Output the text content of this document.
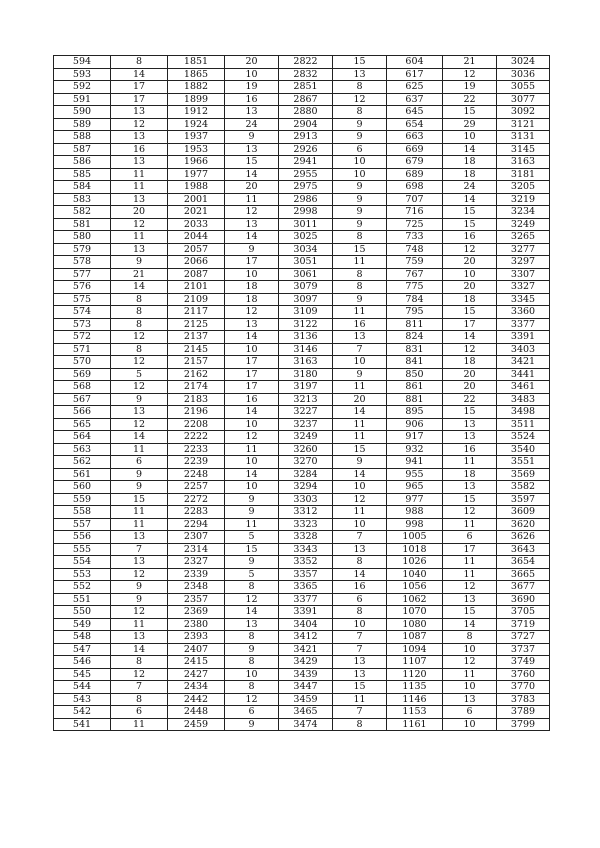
594	8	1851	20	2822	15	604	21	3024
593	14	1865	10	2832	13	617	12	3036
592	17	1882	19	2851	8	625	19	3055
591	17	1899	16	2867	12	637	22	3077
590	13	1912	13	2880	8	645	15	3092
589	12	1924	24	2904	9	654	29	3121
588	13	1937	9	2913	9	663	10	3131
587	16	1953	13	2926	6	669	14	3145
586	13	1966	15	2941	10	679	18	3163
585	11	1977	14	2955	10	689	18	3181
584	11	1988	20	2975	9	698	24	3205
583	13	2001	11	2986	9	707	14	3219
582	20	2021	12	2998	9	716	15	3234
581	12	2033	13	3011	9	725	15	3249
580	11	2044	14	3025	8	733	16	3265
579	13	2057	9	3034	15	748	12	3277
578	9	2066	17	3051	11	759	20	3297
577	21	2087	10	3061	8	767	10	3307
576	14	2101	18	3079	8	775	20	3327
575	8	2109	18	3097	9	784	18	3345
574	8	2117	12	3109	11	795	15	3360
573	8	2125	13	3122	16	811	17	3377
572	12	2137	14	3136	13	824	14	3391
571	8	2145	10	3146	7	831	12	3403
570	12	2157	17	3163	10	841	18	3421
569	5	2162	17	3180	9	850	20	3441
568	12	2174	17	3197	11	861	20	3461
567	9	2183	16	3213	20	881	22	3483
566	13	2196	14	3227	14	895	15	3498
565	12	2208	10	3237	11	906	13	3511
564	14	2222	12	3249	11	917	13	3524
563	11	2233	11	3260	15	932	16	3540
562	6	2239	10	3270	9	941	11	3551
561	9	2248	14	3284	14	955	18	3569
560	9	2257	10	3294	10	965	13	3582
559	15	2272	9	3303	12	977	15	3597
558	11	2283	9	3312	11	988	12	3609
557	11	2294	11	3323	10	998	11	3620
556	13	2307	5	3328	7	1005	6	3626
555	7	2314	15	3343	13	1018	17	3643
554	13	2327	9	3352	8	1026	11	3654
553	12	2339	5	3357	14	1040	11	3665
552	9	2348	8	3365	16	1056	12	3677
551	9	2357	12	3377	6	1062	13	3690
550	12	2369	14	3391	8	1070	15	3705
549	11	2380	13	3404	10	1080	14	3719
548	13	2393	8	3412	7	1087	8	3727
547	14	2407	9	3421	7	1094	10	3737
546	8	2415	8	3429	13	1107	12	3749
545	12	2427	10	3439	13	1120	11	3760
544	7	2434	8	3447	15	1135	10	3770
543	8	2442	12	3459	11	1146	13	3783
542	6	2448	6	3465	7	1153	6	3789
541	11	2459	9	3474	8	1161	10	3799
